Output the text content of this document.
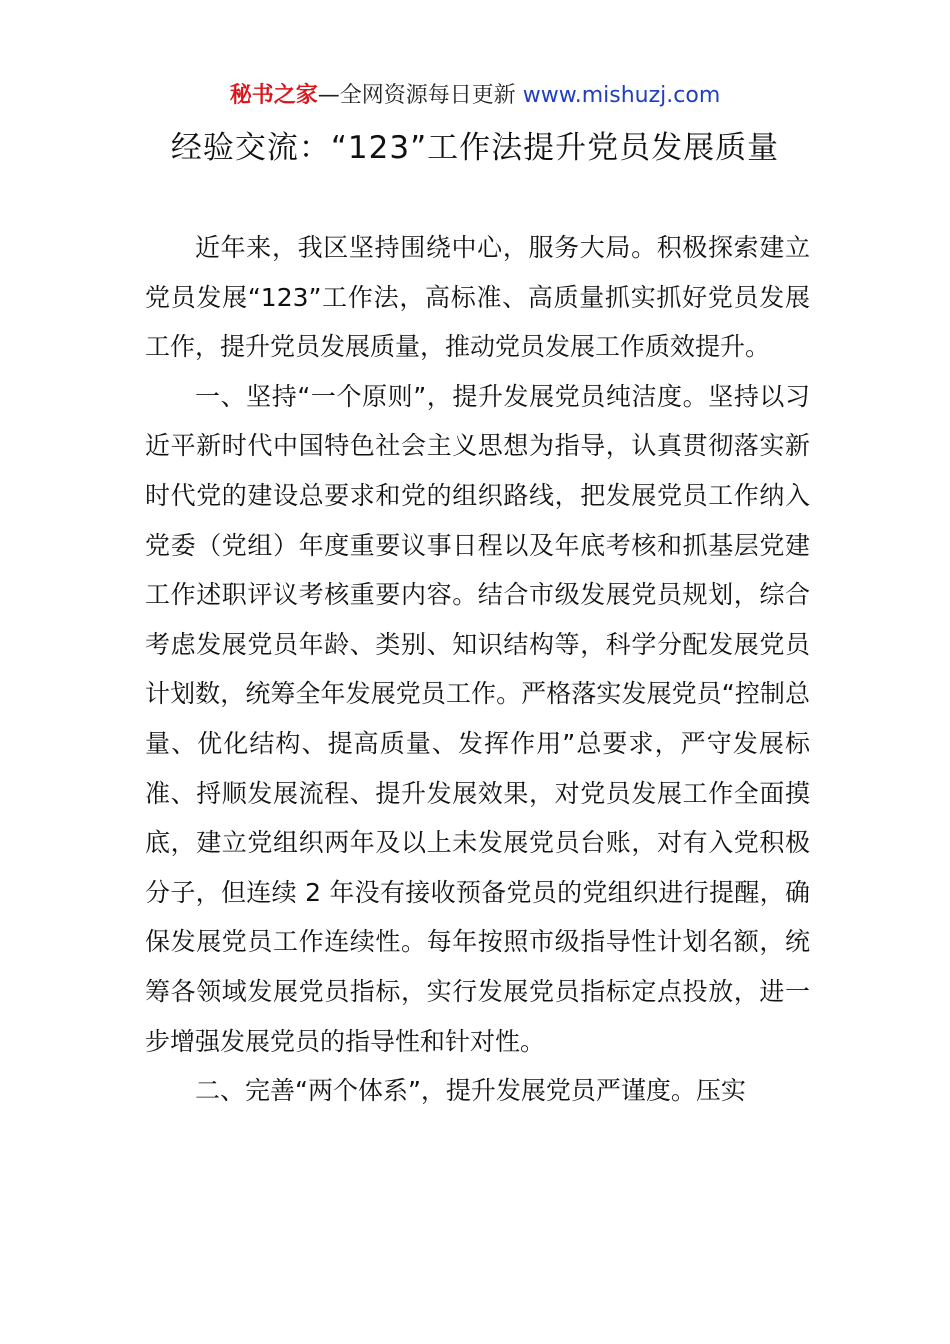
秘书之家—全网资源每日更新 www.mishuzj.com
经验交流：“123”工作法提升党员发展质量

近年来，我区坚持围绕中心，服务大局。积极探索建立党员发展“123”工作法，高标准、高质量抓实抓好党员发展工作，提升党员发展质量，推动党员发展工作质效提升。

一、坚持“一个原则”，提升发展党员纯洁度。坚持以习近平新时代中国特色社会主义思想为指导，认真贯彻落实新时代党的建设总要求和党的组织路线，把发展党员工作纳入党委（党组）年度重要议事日程以及年底考核和抓基层党建工作述职评议考核重要内容。结合市级发展党员规划，综合考虑发展党员年龄、类别、知识结构等，科学分配发展党员计划数，统筹全年发展党员工作。严格落实发展党员“控制总量、优化结构、提高质量、发挥作用”总要求，严守发展标准、捋顺发展流程、提升发展效果，对党员发展工作全面摸底，建立党组织两年及以上未发展党员台账，对有入党积极分子，但连续 2 年没有接收预备党员的党组织进行提醒，确保发展党员工作连续性。每年按照市级指导性计划名额，统筹各领域发展党员指标，实行发展党员指标定点投放，进一步增强发展党员的指导性和针对性。

二、完善“两个体系”，提升发展党员严谨度。压实
